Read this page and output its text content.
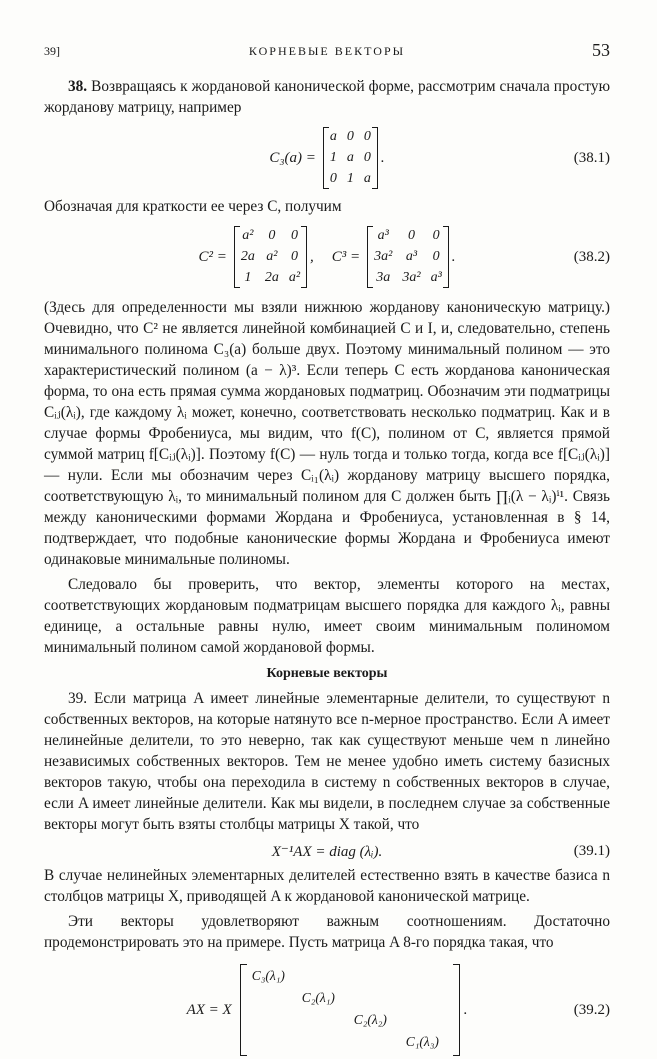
39]	КОРНЕВЫЕ ВЕКТОРЫ	53

38. Возвращаясь к жордановой канонической форме, рассмотрим сначала простую жорданову матрицу, например

C₃(a) =
a 0 0
1 a 0
0 1 a
.	(38.1)

Обозначая для краткости ее через C, получим

C² =
a² 0 0
2a a² 0
1 2a a²
, C³ =
a³ 0 0
3a² a³ 0
3a 3a² a³
.	(38.2)

(Здесь для определенности мы взяли нижнюю жорданову каноническую матрицу.) Очевидно, что C² не является линейной комбинацией C и I, и, следовательно, степень минимального полинома C₃(a) больше двух. Поэтому минимальный полином — это характеристический полином (a − λ)³. Если теперь C есть жорданова каноническая форма, то она есть прямая сумма жордановых подматриц. Обозначим эти подматрицы Cᵢⱼ(λᵢ), где каждому λᵢ может, конечно, соответствовать несколько подматриц. Как и в случае формы Фробениуса, мы видим, что f(C), полином от C, является прямой суммой матриц f[Cᵢⱼ(λᵢ)]. Поэтому f(C) — нуль тогда и только тогда, когда все f[Cᵢⱼ(λᵢ)] — нули. Если мы обозначим через Cᵢ₁(λᵢ) жорданову матрицу высшего порядка, соответствующую λᵢ, то минимальный полином для C должен быть ∏ᵢ(λ − λᵢ)ⁱ¹. Связь между каноническими формами Жордана и Фробениуса, установленная в § 14, подтверждает, что подобные канонические формы Жордана и Фробениуса имеют одинаковые минимальные полиномы.

Следовало бы проверить, что вектор, элементы которого на местах, соответствующих жордановым подматрицам высшего порядка для каждого λᵢ, равны единице, а остальные равны нулю, имеет своим минимальным полиномом минимальный полином самой жордановой формы.

Корневые векторы

39. Если матрица A имеет линейные элементарные делители, то существуют n собственных векторов, на которые натянуто все n-мерное пространство. Если A имеет нелинейные делители, то это неверно, так как существуют меньше чем n линейно независимых собственных векторов. Тем не менее удобно иметь систему базисных векторов такую, чтобы она переходила в систему n собственных векторов в случае, если A имеет линейные делители. Как мы видели, в последнем случае за собственные векторы могут быть взяты столбцы матрицы X такой, что

X⁻¹AX = diag (λᵢ).	(39.1)

В случае нелинейных элементарных делителей естественно взять в качестве базиса n столбцов матрицы X, приводящей A к жордановой канонической матрице.

Эти векторы удовлетворяют важным соотношениям. Достаточно продемонстрировать это на примере. Пусть матрица A 8-го порядка такая, что

AX = X
C₃(λ₁)
C₂(λ₁)
C₂(λ₂)
C₁(λ₃)
.	(39.2)
